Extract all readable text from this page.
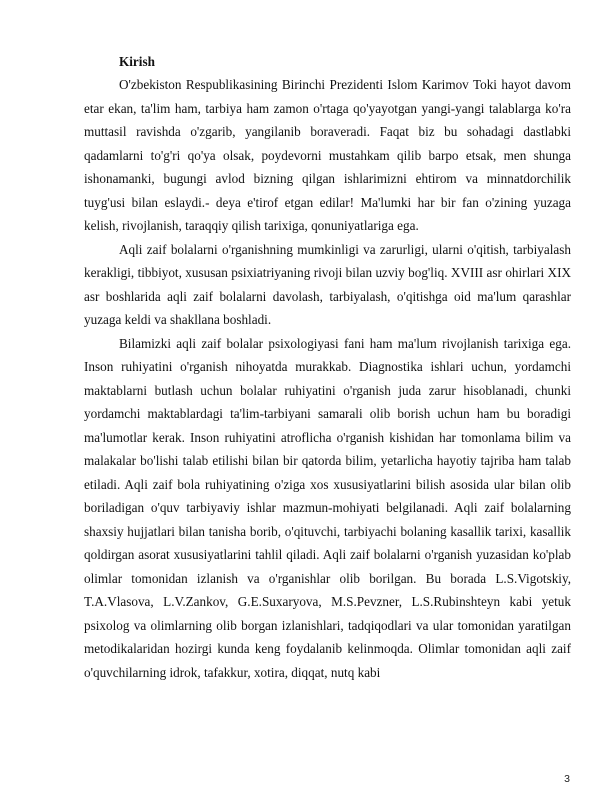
Kirish

O'zbekiston Respublikasining Birinchi Prezidenti Islom Karimov Toki hayot davom etar ekan, ta'lim ham, tarbiya ham zamon o'rtaga qo'yayotgan yangi-yangi talablarga ko'ra muttasil ravishda o'zgarib, yangilanib boraveradi. Faqat biz bu sohadagi dastlabki qadamlarni to'g'ri qo'ya olsak, poydevorni mustahkam qilib barpo etsak, men shunga ishonamanki, bugungi avlod bizning qilgan ishlarimizni ehtirom va minnatdorchilik tuyg'usi bilan eslaydi.- deya e'tirof etgan edilar! Ma'lumki har bir fan o'zining yuzaga kelish, rivojlanish, taraqqiy qilish tarixiga, qonuniyatlariga ega.

Aqli zaif bolalarni o'rganishning mumkinligi va zarurligi, ularni o'qitish, tarbiyalash kerakligi, tibbiyot, xususan psixiatriyaning rivoji bilan uzviy bog'liq. XVIII asr ohirlari XIX asr boshlarida aqli zaif bolalarni davolash, tarbiyalash, o'qitishga oid ma'lum qarashlar yuzaga keldi va shakllana boshladi.

Bilamizki aqli zaif bolalar psixologiyasi fani ham ma'lum rivojlanish tarixiga ega. Inson ruhiyatini o'rganish nihoyatda murakkab. Diagnostika ishlari uchun, yordamchi maktablarni butlash uchun bolalar ruhiyatini o'rganish juda zarur hisoblanadi, chunki yordamchi maktablardagi ta'lim-tarbiyani samarali olib borish uchun ham bu boradigi ma'lumotlar kerak. Inson ruhiyatini atroflicha o'rganish kishidan har tomonlama bilim va malakalar bo'lishi talab etilishi bilan bir qatorda bilim, yetarlicha hayotiy tajriba ham talab etiladi. Aqli zaif bola ruhiyatining o'ziga xos xususiyatlarini bilish asosida ular bilan olib boriladigan o'quv tarbiyaviy ishlar mazmun-mohiyati belgilanadi. Aqli zaif bolalarning shaxsiy hujjatlari bilan tanisha borib, o'qituvchi, tarbiyachi bolaning kasallik tarixi, kasallik qoldirgan asorat xususiyatlarini tahlil qiladi. Aqli zaif bolalarni o'rganish yuzasidan ko'plab olimlar tomonidan izlanish va o'rganishlar olib borilgan. Bu borada L.S.Vigotskiy, T.A.Vlasova, L.V.Zankov, G.E.Suxaryova, M.S.Pevzner, L.S.Rubinshteyn kabi yetuk psixolog va olimlarning olib borgan izlanishlari, tadqiqodlari va ular tomonidan yaratilgan metodikalaridan hozirgi kunda keng foydalanib kelinmoqda. Olimlar tomonidan aqli zaif o'quvchilarning idrok, tafakkur, xotira, diqqat, nutq kabi

3
